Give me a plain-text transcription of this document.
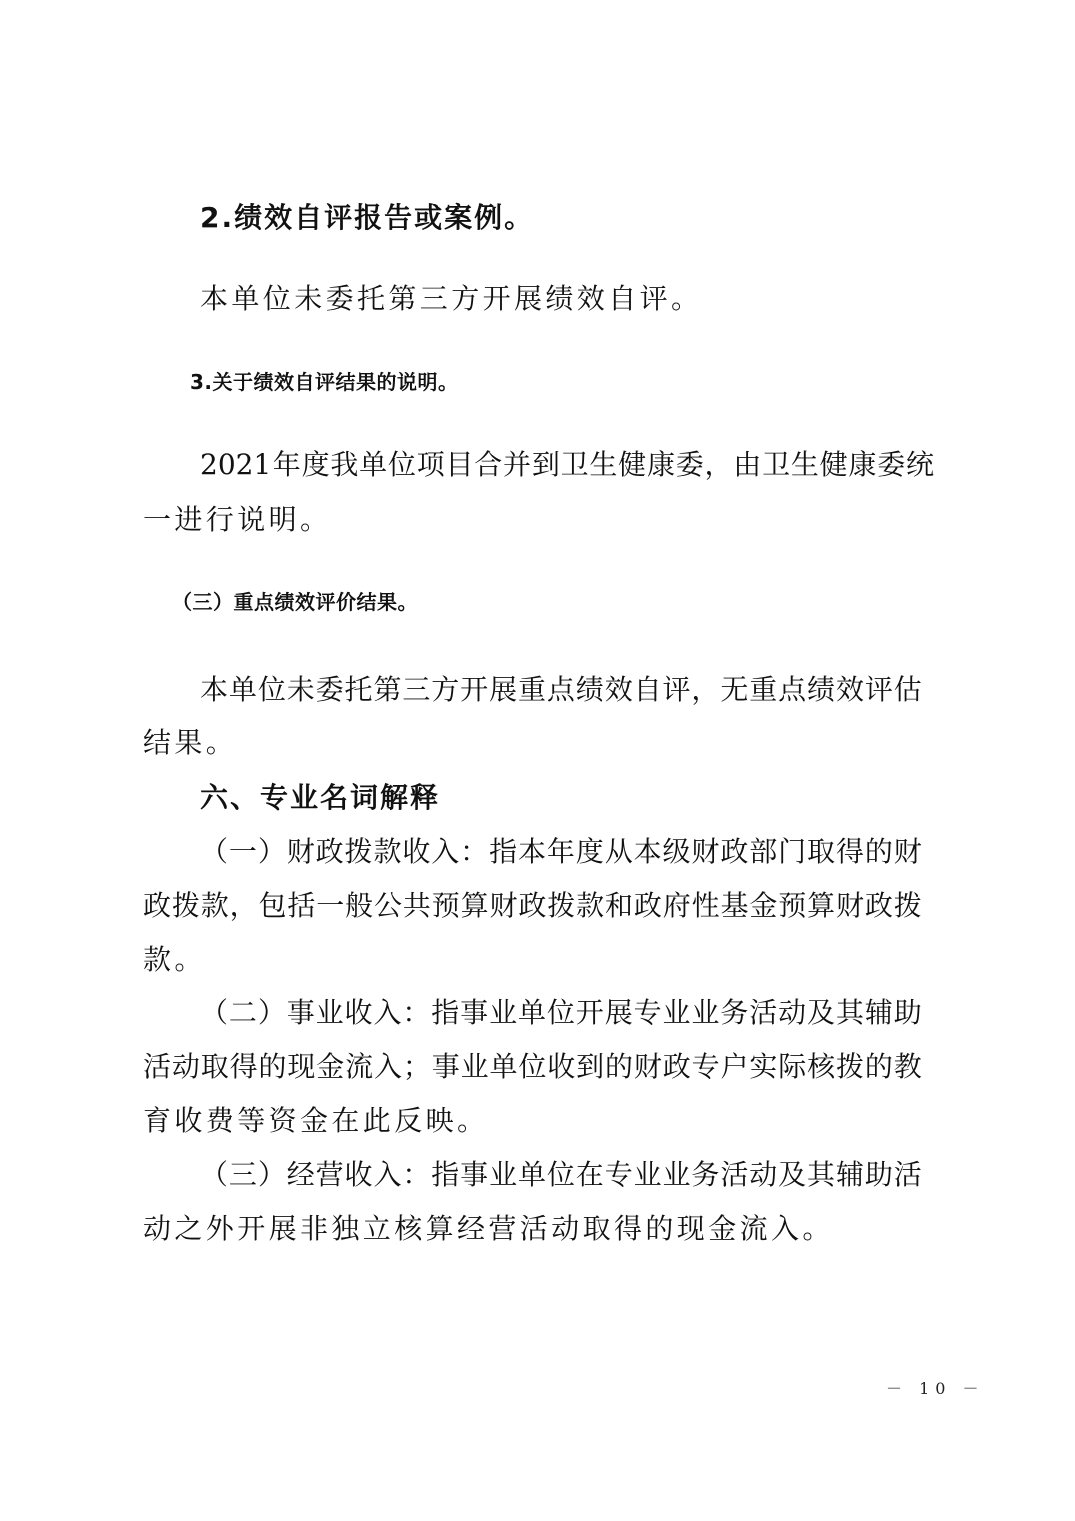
2.绩效自评报告或案例。
本单位未委托第三方开展绩效自评。
3.关于绩效自评结果的说明。
2021 年 度 我 单 位 项 目 合 并 到 卫 生 健 康 委 ， 由 卫 生 健 康 委 统
一进行说明。
（三）重点绩效评价结果。
本 单 位 未 委 托 第 三 方 开 展 重 点 绩 效 自 评 ， 无 重 点 绩 效 评 估
结果。
六、专业名词解释
（ 一 ） 财 政 拨 款 收 入 ： 指 本 年 度 从 本 级 财 政 部 门 取 得 的 财
政 拨 款 ， 包 括 一 般 公 共 预 算 财 政 拨 款 和 政 府 性 基 金 预 算 财 政 拨
款。
（ 二 ） 事 业 收 入 ： 指 事 业 单 位 开 展 专 业 业 务 活 动 及 其 辅 助
活 动 取 得 的 现 金 流 入 ； 事 业 单 位 收 到 的 财 政 专 户 实 际 核 拨 的 教
育收费等资金在此反映。
（ 三 ） 经 营 收 入 ： 指 事 业 单 位 在 专 业 业 务 活 动 及 其 辅 助 活
动之外开展非独立核算经营活动取得的现金流入。
－ 10 －
